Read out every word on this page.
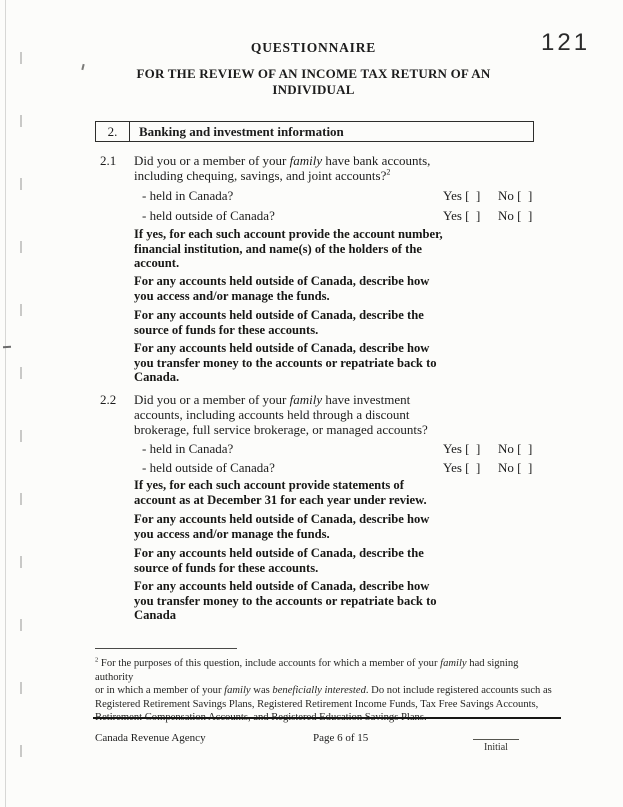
QUESTIONNAIRE	121
FOR THE REVIEW OF AN INCOME TAX RETURN OF AN INDIVIDUAL
2.	Banking and investment information
2.1 Did you or a member of your family have bank accounts,
including chequing, savings, and joint accounts?$^2$
- held in Canada?	Yes [  ] No [  ]
- held outside of Canada?	Yes [  ] No [  ]
If yes, for each such account provide the account number,
financial institution, and name(s) of the holders of the
account.
For any accounts held outside of Canada, describe how
you access and/or manage the funds.
For any accounts held outside of Canada, describe the
source of funds for these accounts.
For any accounts held outside of Canada, describe how
you transfer money to the accounts or repatriate back to
Canada.
2.2 Did you or a member of your family have investment
accounts, including accounts held through a discount
brokerage, full service brokerage, or managed accounts?
- held in Canada?	Yes [  ] No [  ]
- held outside of Canada?	Yes [  ] No [  ]
If yes, for each such account provide statements of
account as at December 31 for each year under review.
For any accounts held outside of Canada, describe how
you access and/or manage the funds.
For any accounts held outside of Canada, describe the
source of funds for these accounts.
For any accounts held outside of Canada, describe how
you transfer money to the accounts or repatriate back to
Canada
$^2$ For the purposes of this question, include accounts for which a member of your family had signing authority
or in which a member of your family was beneficially interested. Do not include registered accounts such as
Registered Retirement Savings Plans, Registered Retirement Income Funds, Tax Free Savings Accounts,
Canada Revenue Agency	Page 6 of 15
Initial
